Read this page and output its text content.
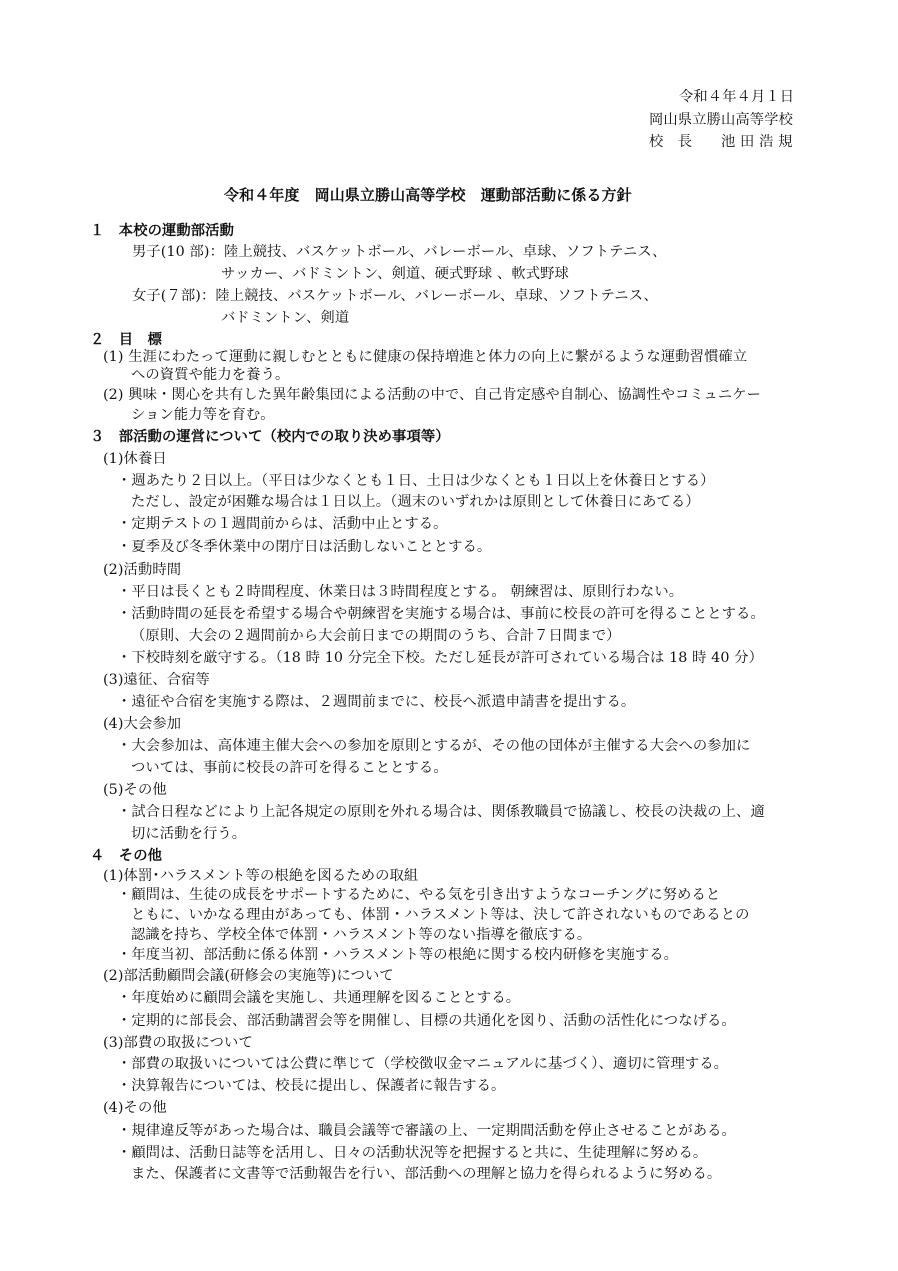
令和４年４月１日
岡山県立勝山高等学校
校　長　　池 田 浩 規
令和４年度　岡山県立勝山高等学校　運動部活動に係る方針
１　本校の運動部活動
男子(10 部)：陸上競技、バスケットボール、バレーボール、卓球、ソフトテニス、
サッカー、バドミントン、剣道、硬式野球 、軟式野球
女子(７部)：陸上競技、バスケットボール、バレーボール、卓球、ソフトテニス、
バドミントン、剣道
２　目　標
(1) 生涯にわたって運動に親しむとともに健康の保持増進と体力の向上に繋がるような運動習慣確立
への資質や能力を養う。
(2) 興味・関心を共有した異年齢集団による活動の中で、自己肯定感や自制心、協調性やコミュニケー
ション能力等を育む。
３　部活動の運営について（校内での取り決め事項等）
(1)休養日
・週あたり２日以上。（平日は少なくとも１日、土日は少なくとも１日以上を休養日とする）
ただし、設定が困難な場合は１日以上。（週末のいずれかは原則として休養日にあてる）
・定期テストの１週間前からは、活動中止とする。
・夏季及び冬季休業中の閉庁日は活動しないこととする。
(2)活動時間
・平日は長くとも２時間程度、休業日は３時間程度とする。 朝練習は、原則行わない。
・活動時間の延長を希望する場合や朝練習を実施する場合は、事前に校長の許可を得ることとする。
（原則、大会の２週間前から大会前日までの期間のうち、合計７日間まで）
・下校時刻を厳守する。（18 時 10 分完全下校。ただし延長が許可されている場合は 18 時 40 分）
(3)遠征、合宿等
・遠征や合宿を実施する際は、２週間前までに、校長へ派遣申請書を提出する。
(4)大会参加
・大会参加は、高体連主催大会への参加を原則とするが、その他の団体が主催する大会への参加に
ついては、事前に校長の許可を得ることとする。
(5)その他
・試合日程などにより上記各規定の原則を外れる場合は、関係教職員で協議し、校長の決裁の上、適
切に活動を行う。
４　その他
(1)体罰･ハラスメント等の根絶を図るための取組
・顧問は、生徒の成長をサポートするために、やる気を引き出すようなコーチングに努めると
ともに、いかなる理由があっても、体罰・ハラスメント等は、決して許されないものであるとの
認識を持ち、学校全体で体罰・ハラスメント等のない指導を徹底する。
・年度当初、部活動に係る体罰・ハラスメント等の根絶に関する校内研修を実施する。
(2)部活動顧問会議(研修会の実施等)について
・年度始めに顧問会議を実施し、共通理解を図ることとする。
・定期的に部長会、部活動講習会等を開催し、目標の共通化を図り、活動の活性化につなげる。
(3)部費の取扱について
・部費の取扱いについては公費に準じて（学校徴収金マニュアルに基づく）、適切に管理する。
・決算報告については、校長に提出し、保護者に報告する。
(4)その他
・規律違反等があった場合は、職員会議等で審議の上、一定期間活動を停止させることがある。
・顧問は、活動日誌等を活用し、日々の活動状況等を把握すると共に、生徒理解に努める。
また、保護者に文書等で活動報告を行い、部活動への理解と協力を得られるように努める。
